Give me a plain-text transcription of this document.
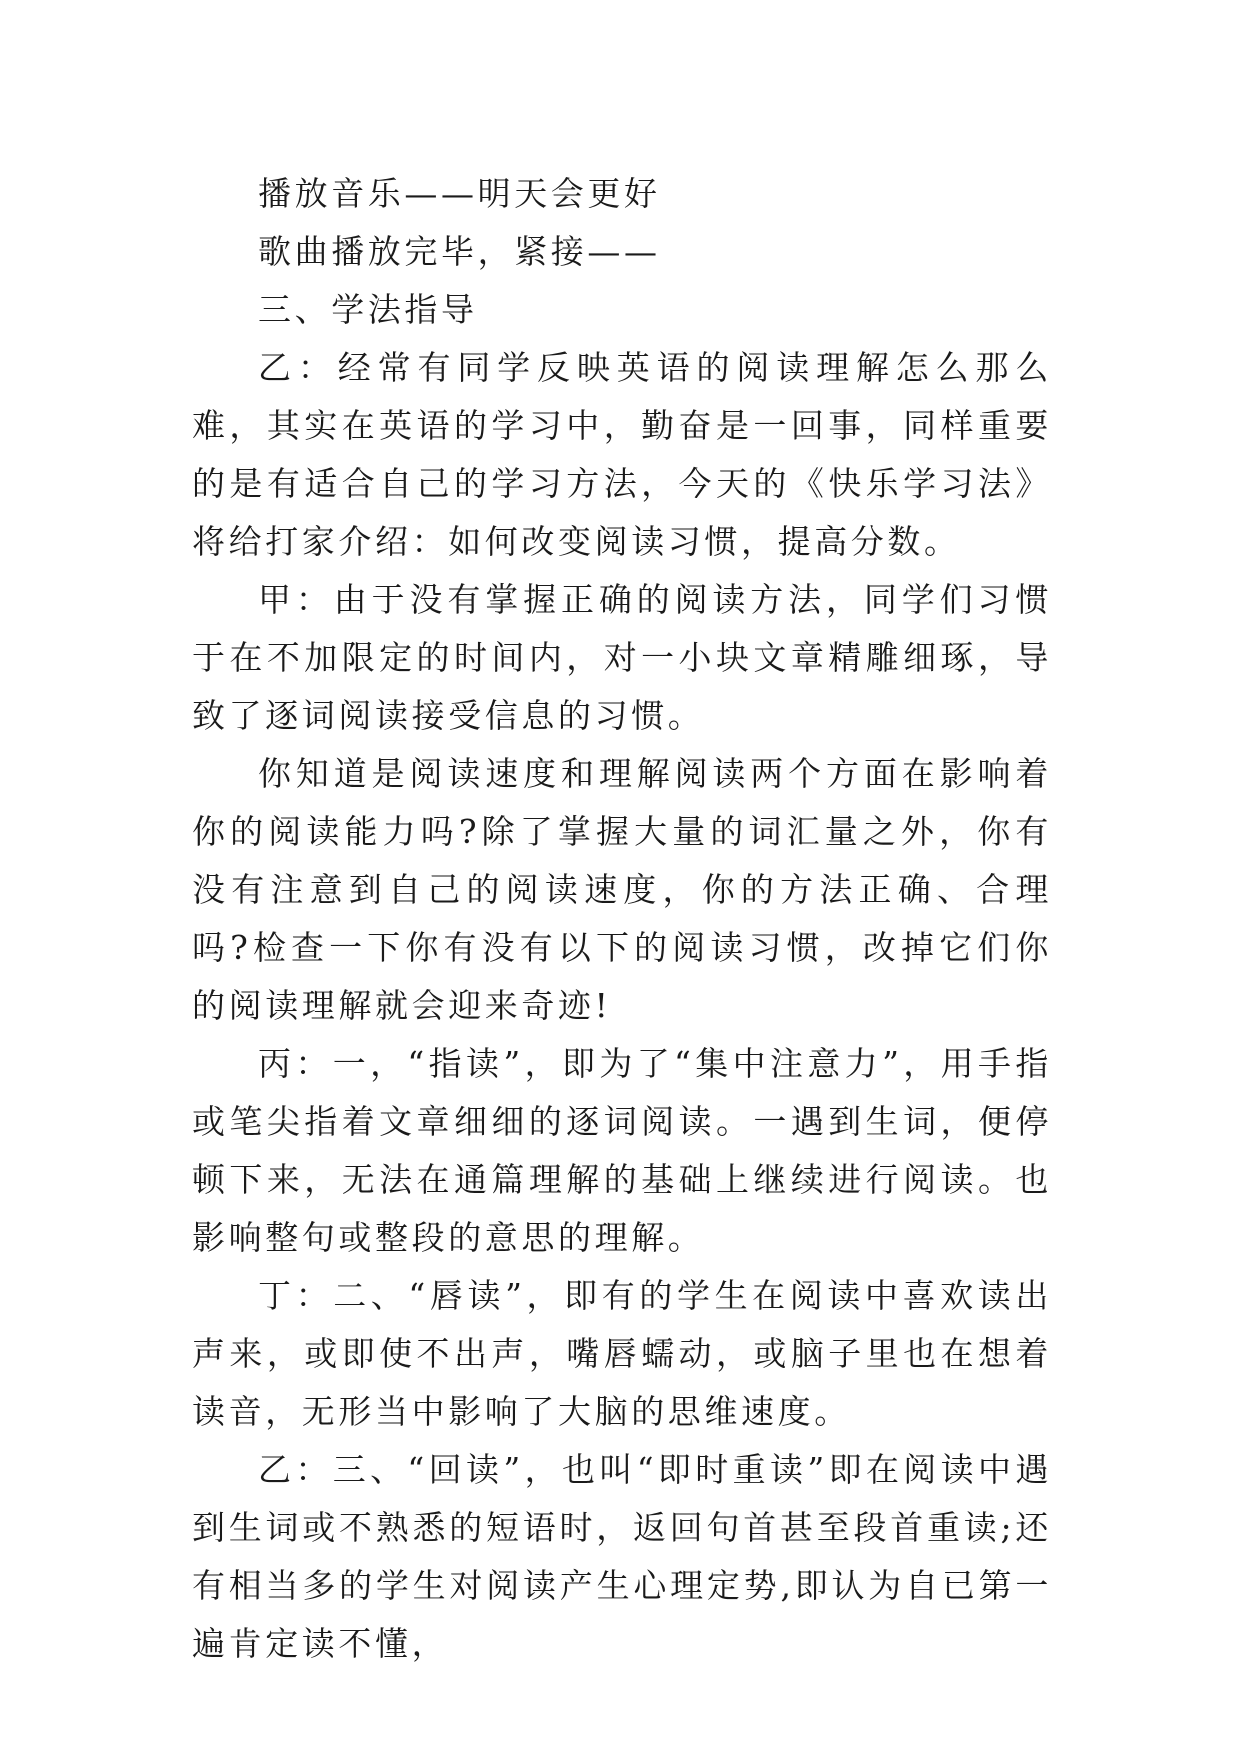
播放音乐——明天会更好

歌曲播放完毕，紧接——

三、学法指导

乙：经常有同学反映英语的阅读理解怎么那么难，其实在英语的学习中，勤奋是一回事，同样重要的是有适合自己的学习方法，今天的《快乐学习法》将给打家介绍：如何改变阅读习惯，提高分数。

甲：由于没有掌握正确的阅读方法，同学们习惯于在不加限定的时间内，对一小块文章精雕细琢，导致了逐词阅读接受信息的习惯。

你知道是阅读速度和理解阅读两个方面在影响着你的阅读能力吗?除了掌握大量的词汇量之外，你有没有注意到自己的阅读速度，你的方法正确、合理吗?检查一下你有没有以下的阅读习惯，改掉它们你的阅读理解就会迎来奇迹!

丙：一，“指读”，即为了“集中注意力”，用手指或笔尖指着文章细细的逐词阅读。一遇到生词，便停顿下来，无法在通篇理解的基础上继续进行阅读。也影响整句或整段的意思的理解。

丁：二、“唇读”，即有的学生在阅读中喜欢读出声来，或即使不出声，嘴唇蠕动，或脑子里也在想着读音，无形当中影响了大脑的思维速度。

乙：三、“回读”，也叫“即时重读”即在阅读中遇到生词或不熟悉的短语时，返回句首甚至段首重读;还有相当多的学生对阅读产生心理定势,即认为自已第一遍肯定读不懂，
